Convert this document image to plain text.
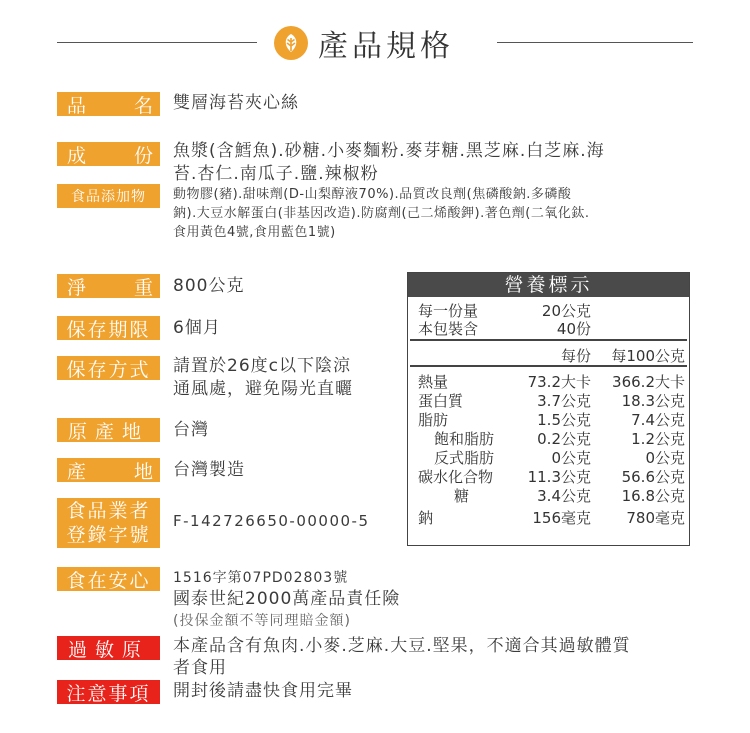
產品規格
品 名 雙層海苔夾心絲
成 份 魚漿(含鱈魚).砂糖.小麥麵粉.麥芽糖.黑芝麻.白芝麻.海
苔.杏仁.南瓜子.鹽.辣椒粉
食品添加物	動物膠(豬).甜味劑(D-山梨醇液70%).品質改良劑(焦磷酸鈉.多磷酸
鈉).大豆水解蛋白(非基因改造).防腐劑(己二烯酸鉀).著色劑(二氧化鈦.
食用黃色4號,食用藍色1號)
淨 重 800公克
保存期限	6個月
保存方式	請置於26度c以下陰涼
通風處，避免陽光直曬
原產地	台灣
產 地 台灣製造
食品業者
登錄字號
F-142726650-00000-5
食在安心	1516字第07PD02803號
國泰世紀2000萬產品責任險
(投保金額不等同理賠金額)
過敏原	本產品含有魚肉.小麥.芝麻.大豆.堅果，不適合其過敏體質
者食用
注意事項	開封後請盡快食用完畢
營養標示
每一份量	20公克
本包裝含	40份
每份 每100公克
熱量	73.2大卡 366.2大卡
蛋白質	3.7公克 18.3公克
脂肪	1.5公克	7.4公克
飽和脂肪	0.2公克	1.2公克
反式脂肪	0公克	0公克
碳水化合物 11.3公克 56.6公克
糖	3.4公克 16.8公克
鈉	156毫克 780毫克
